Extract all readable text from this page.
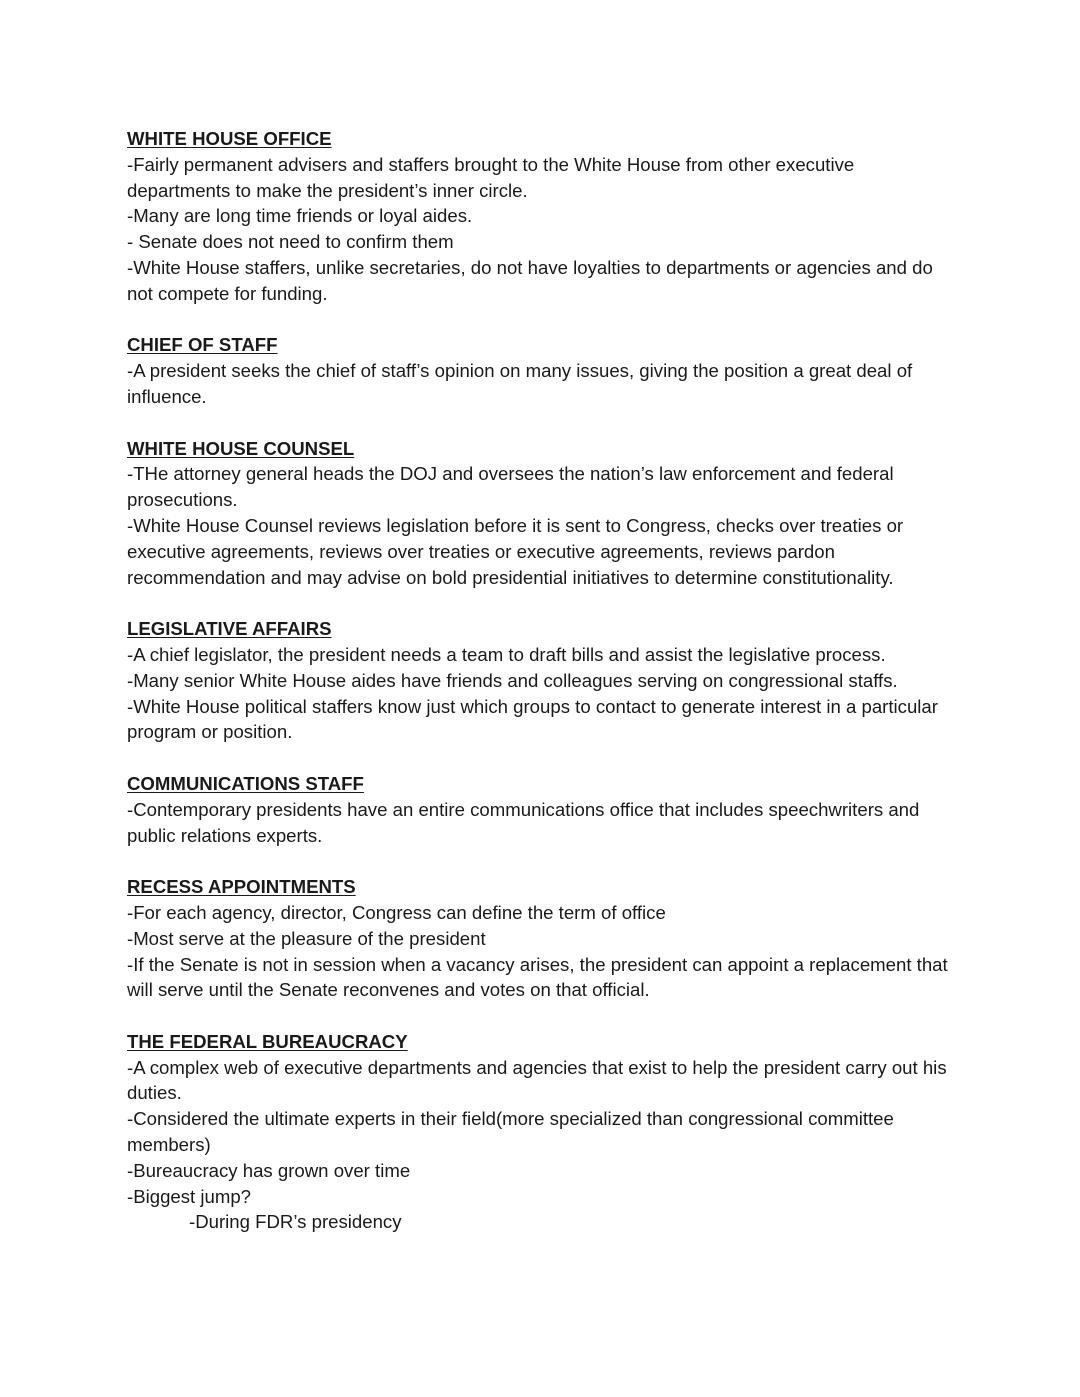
WHITE HOUSE OFFICE

-Fairly permanent advisers and staffers brought to the White House from other executive departments to make the president’s inner circle.

-Many are long time friends or loyal aides.

- Senate does not need to confirm them

-White House staffers, unlike secretaries, do not have loyalties to departments or agencies and do not compete for funding.

CHIEF OF STAFF

-A president seeks the chief of staff’s opinion on many issues, giving the position a great deal of influence.

WHITE HOUSE COUNSEL

-THe attorney general heads the DOJ and oversees the nation’s law enforcement and federal prosecutions.

-White House Counsel reviews legislation before it is sent to Congress, checks over treaties or executive agreements, reviews over treaties or executive agreements, reviews pardon recommendation and may advise on bold presidential initiatives to determine constitutionality.

LEGISLATIVE AFFAIRS

-A chief legislator, the president needs a team to draft bills and assist the legislative process.

-Many senior White House aides have friends and colleagues serving on congressional staffs.

-White House political staffers know just which groups to contact to generate interest in a particular program or position.

COMMUNICATIONS STAFF

-Contemporary presidents have an entire communications office that includes speechwriters and public relations experts.

RECESS APPOINTMENTS

-For each agency, director, Congress can define the term of office

-Most serve at the pleasure of the president

-If the Senate is not in session when a vacancy arises, the president can appoint a replacement that will serve until the Senate reconvenes and votes on that official.

THE FEDERAL BUREAUCRACY

-A complex web of executive departments and agencies that exist to help the president carry out his duties.

-Considered the ultimate experts in their field(more specialized than congressional committee members)

-Bureaucracy has grown over time

-Biggest jump?

-During FDR’s presidency
